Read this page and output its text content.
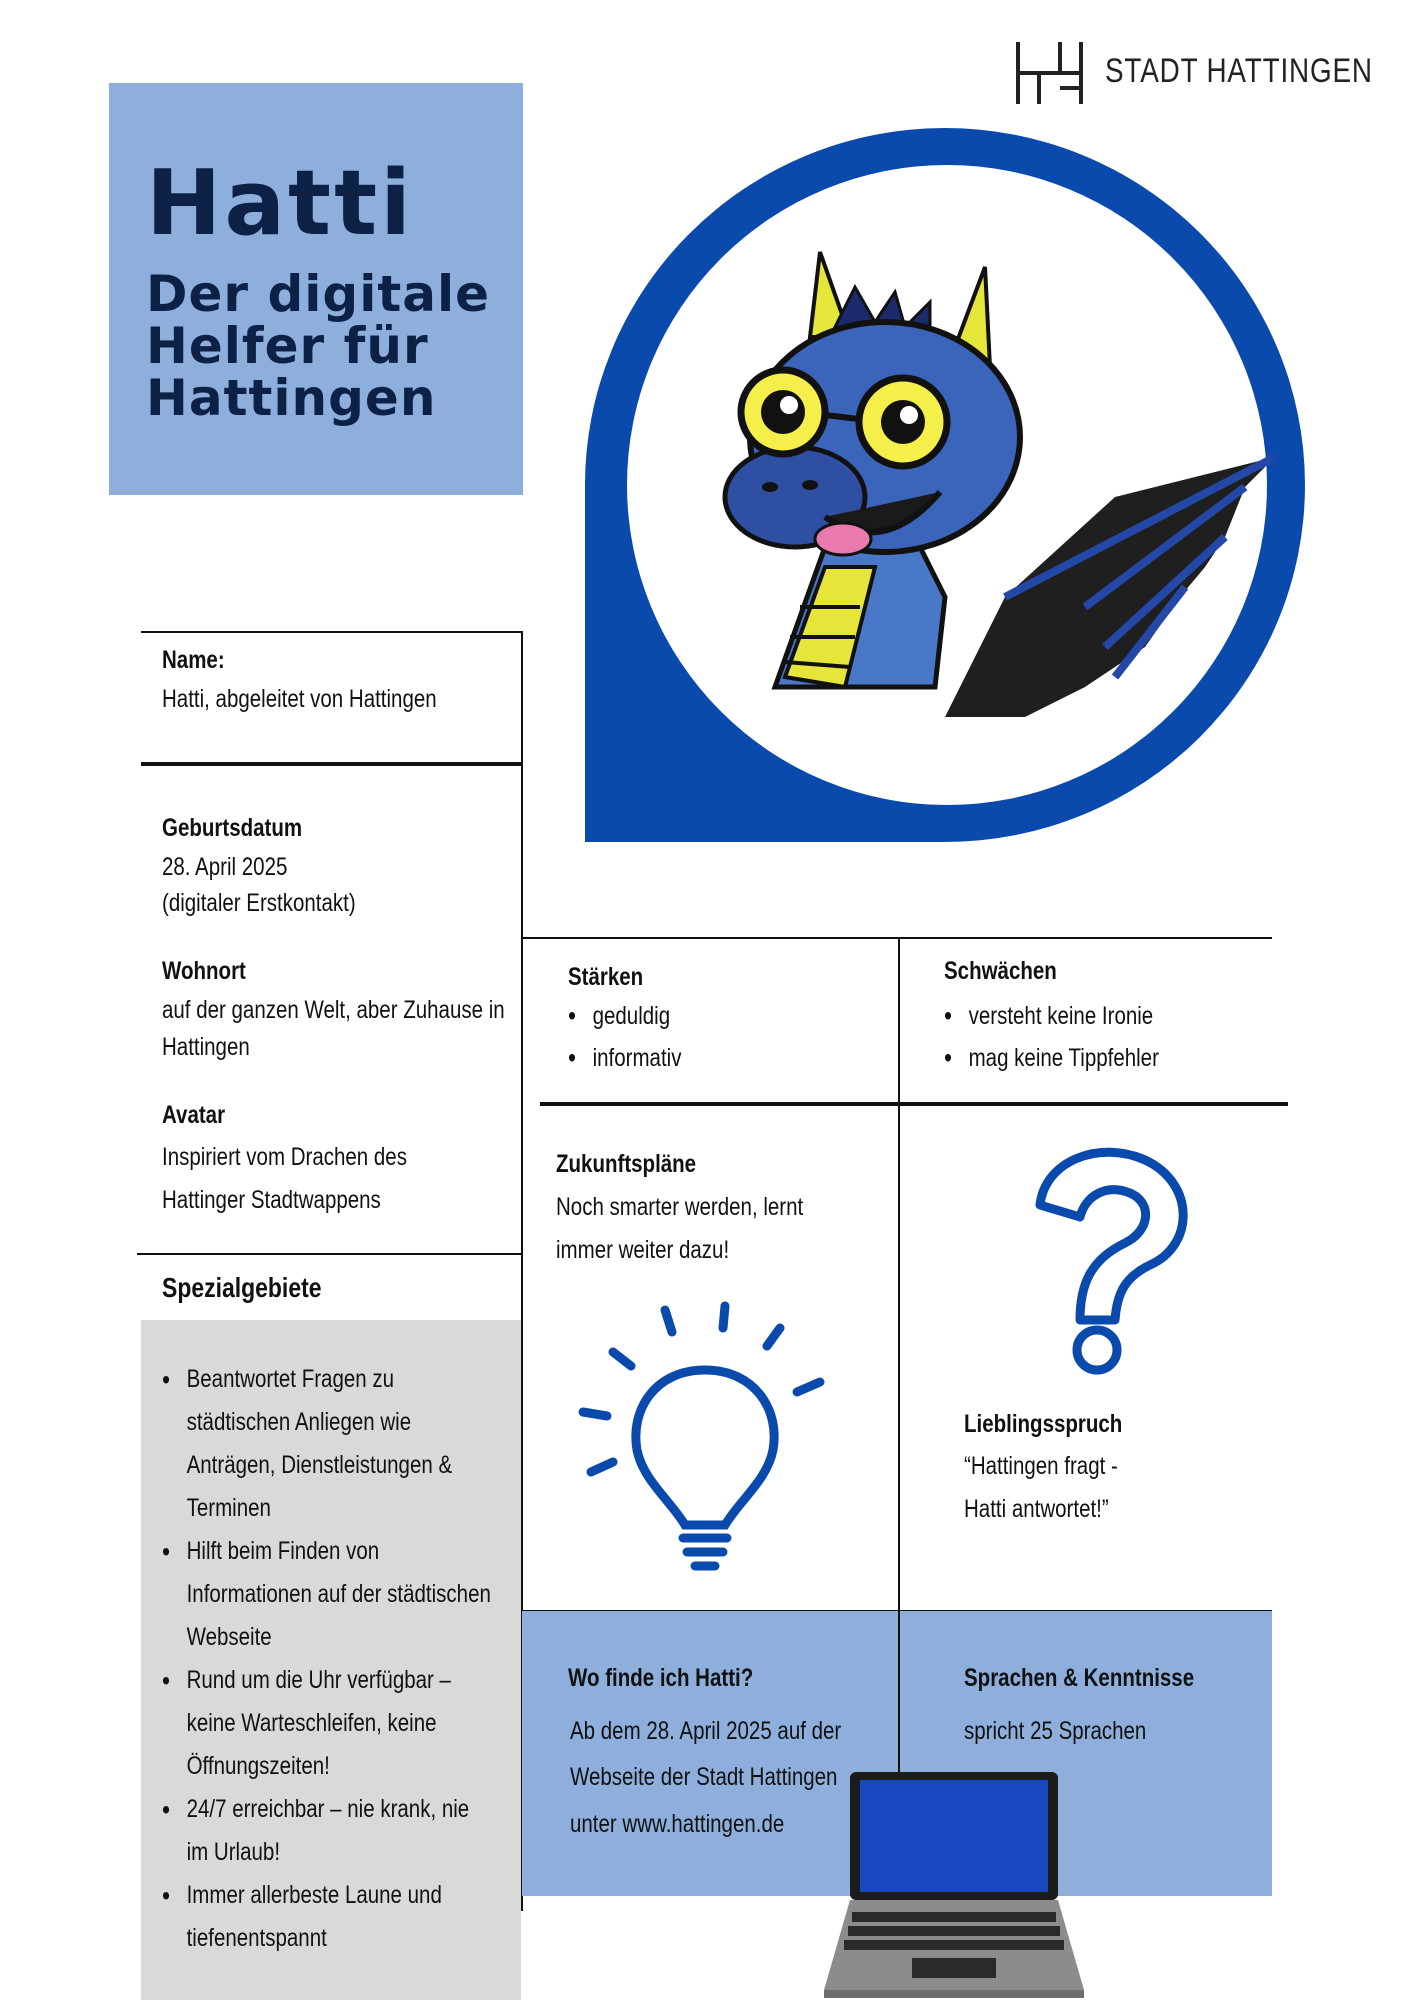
STADT HATTINGEN
Hatti
Der digitale
Helfer für
Hattingen
Name:
Hatti, abgeleitet von Hattingen
Geburtsdatum
28. April 2025
(digitaler Erstkontakt)
Wohnort
auf der ganzen Welt, aber Zuhause in
Hattingen
Avatar
Inspiriert vom Drachen des
Hattinger Stadtwappens
Spezialgebiete
• Beantwortet Fragen zu
städtischen Anliegen wie
Anträgen, Dienstleistungen &
Terminen
• Hilft beim Finden von
Informationen auf der städtischen
Webseite
• Rund um die Uhr verfügbar –
keine Warteschleifen, keine
Öffnungszeiten!
• 24/7 erreichbar – nie krank, nie
im Urlaub!
• Immer allerbeste Laune und
tiefenentspannt
Stärken
• geduldig
• informativ
Schwächen
• versteht keine Ironie
• mag keine Tippfehler
Zukunftspläne
Noch smarter werden, lernt
immer weiter dazu!
Lieblingsspruch
“Hattingen fragt -
Hatti antwortet!”
Wo finde ich Hatti?
Ab dem 28. April 2025 auf der
Webseite der Stadt Hattingen
unter www.hattingen.de
Sprachen & Kenntnisse
spricht 25 Sprachen
